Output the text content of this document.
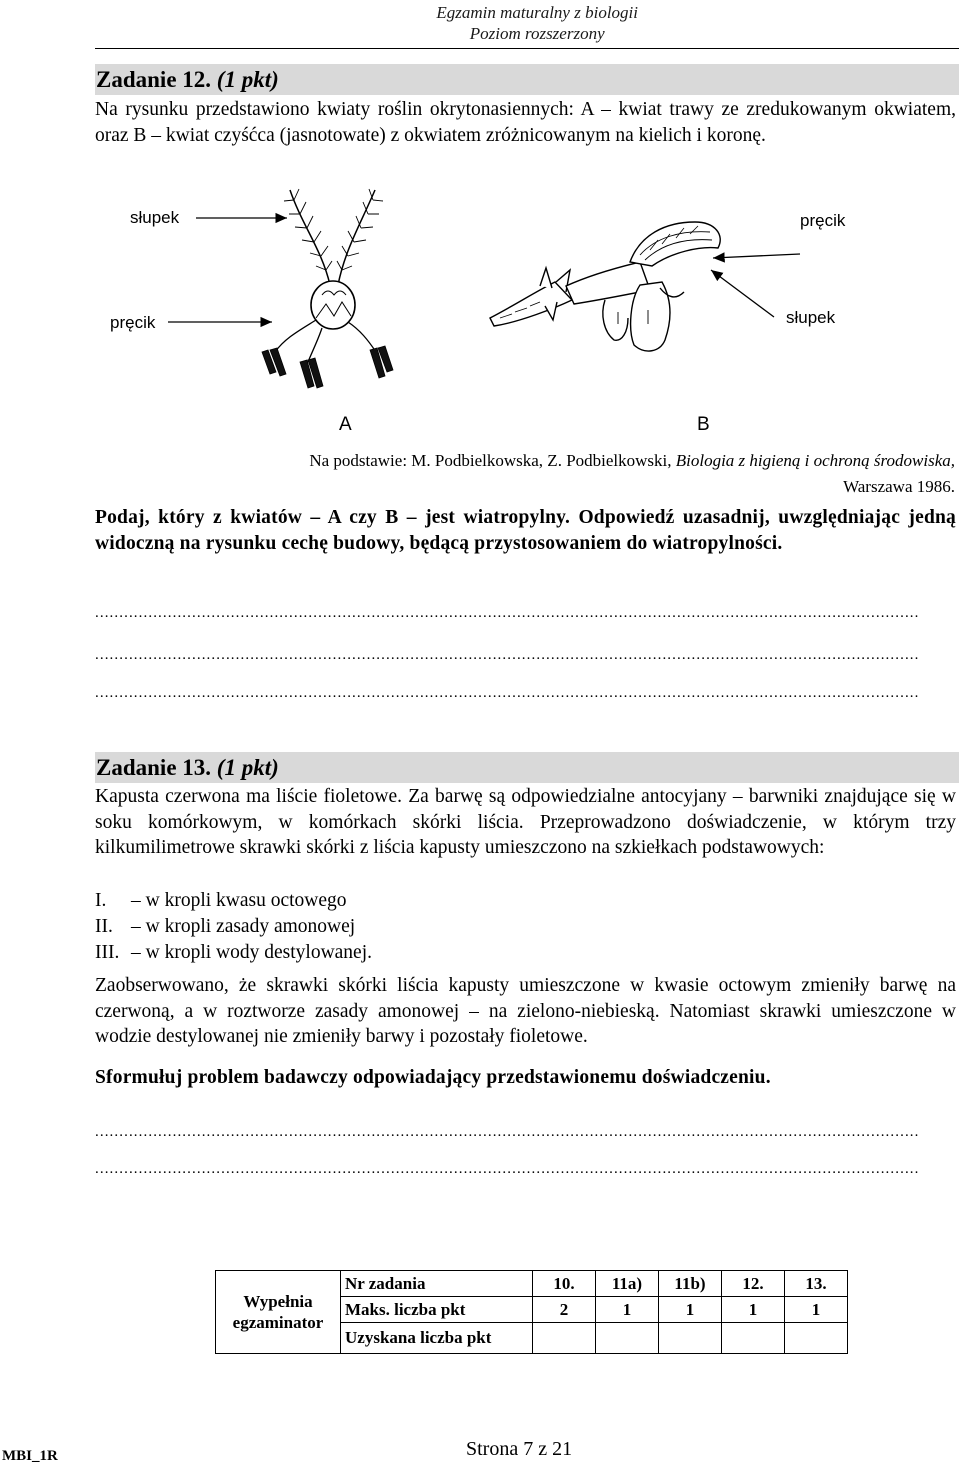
Egzamin maturalny z biologii
Poziom rozszerzony
Zadanie 12. (1 pkt)
Na rysunku przedstawiono kwiaty roślin okrytonasiennych: A – kwiat trawy ze zredukowanym okwiatem, oraz B – kwiat czyśćca (jasnotowate) z okwiatem zróżnicowanym na kielich i koronę.
słupek
pręcik
pręcik
słupek
A	B
Na podstawie: M. Podbielkowska, Z. Podbielkowski, Biologia z higieną i ochroną środowiska,
Warszawa 1986.
Podaj, który z kwiatów – A czy B – jest wiatropylny. Odpowiedź uzasadnij, uwzględniając jedną widoczną na rysunku cechę budowy, będącą przystosowaniem do wiatropylności.
..........................................................................................................................................................................
..........................................................................................................................................................................
..........................................................................................................................................................................
Zadanie 13. (1 pkt)
Kapusta czerwona ma liście fioletowe. Za barwę są odpowiedzialne antocyjany – barwniki znajdujące się w soku komórkowym, w komórkach skórki liścia. Przeprowadzono doświadczenie, w którym trzy kilkumilimetrowe skrawki skórki z liścia kapusty umieszczono na szkiełkach podstawowych:
I. – w kropli kwasu octowego
II. – w kropli zasady amonowej
III. – w kropli wody destylowanej.
Zaobserwowano, że skrawki skórki liścia kapusty umieszczone w kwasie octowym zmieniły barwę na czerwoną, a w roztworze zasady amonowej – na zielono-niebieską. Natomiast skrawki umieszczone w wodzie destylowanej nie zmieniły barwy i pozostały fioletowe.
Sformułuj problem badawczy odpowiadający przedstawionemu doświadczeniu.
..........................................................................................................................................................................
..........................................................................................................................................................................
Wypełnia egzaminator	Nr zadania	10.	11a)	11b)	12.	13.
	Maks. liczba pkt	2	1	1	1	1
	Uzyskana liczba pkt					
MBI_1R	Strona 7 z 21
